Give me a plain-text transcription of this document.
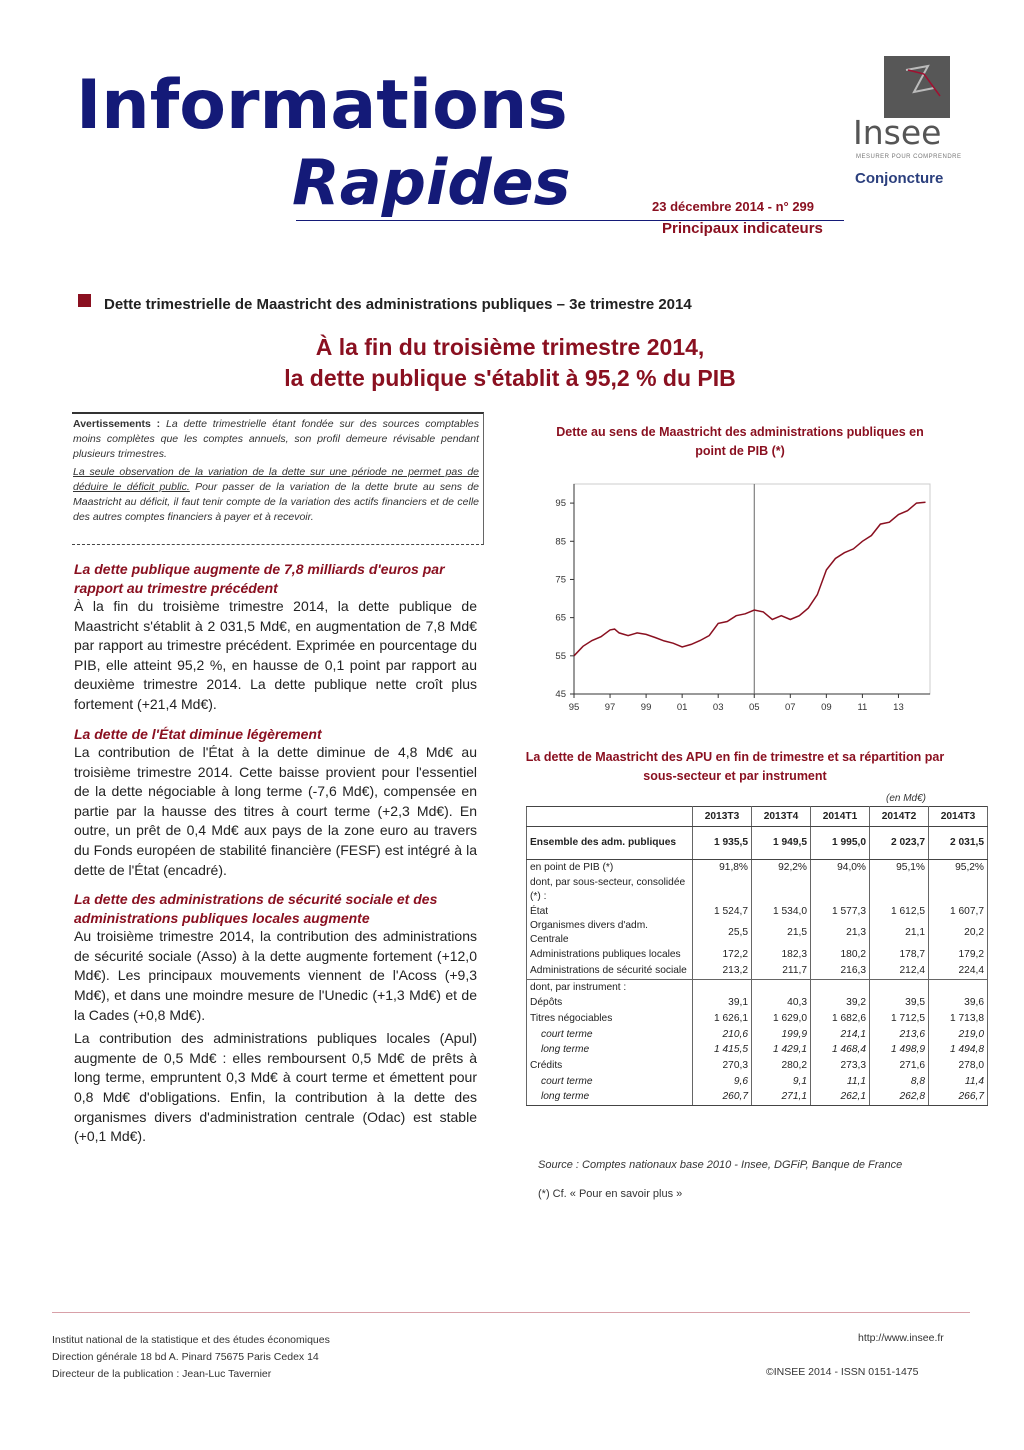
Informations
Rapides	23 décembre 2014 - n° 299
Principaux indicateurs
Insee
MESURER POUR COMPRENDRE
Conjoncture
Dette trimestrielle de Maastricht des administrations publiques – 3e trimestre 2014
À la fin du troisième trimestre 2014,
la dette publique s'établit à 95,2 % du PIB

Avertissements : La dette trimestrielle étant fondée sur des sources comptables moins complètes que les comptes annuels, son profil demeure révisable pendant plusieurs trimestres.

La seule observation de la variation de la dette sur une période ne permet pas de déduire le déficit public. Pour passer de la variation de la dette brute au sens de Maastricht au déficit, il faut tenir compte de la variation des actifs financiers et de celle des autres comptes financiers à payer et à recevoir.

La dette publique augmente de 7,8 milliards d'euros par rapport au trimestre précédent

À la fin du troisième trimestre 2014, la dette publique de Maastricht s'établit à 2 031,5 Md€, en augmentation de 7,8 Md€ par rapport au trimestre précédent. Exprimée en pourcentage du PIB, elle atteint 95,2 %, en hausse de 0,1 point par rapport au deuxième trimestre 2014. La dette publique nette croît plus fortement (+21,4 Md€).

La dette de l'État diminue légèrement

La contribution de l'État à la dette diminue de 4,8 Md€ au troisième trimestre 2014. Cette baisse provient pour l'essentiel de la dette négociable à long terme (-7,6 Md€), compensée en partie par la hausse des titres à court terme (+2,3 Md€). En outre, un prêt de 0,4 Md€ aux pays de la zone euro au travers du Fonds européen de stabilité financière (FESF) est intégré à la dette de l'État (encadré).

La dette des administrations de sécurité sociale et des administrations publiques locales augmente

Au troisième trimestre 2014, la contribution des administrations de sécurité sociale (Asso) à la dette augmente fortement (+12,0 Md€). Les principaux mouvements viennent de l'Acoss (+9,3 Md€), et dans une moindre mesure de l'Unedic (+1,3 Md€) et de la Cades (+0,8 Md€).

La contribution des administrations publiques locales (Apul) augmente de 0,5 Md€ : elles remboursent 0,5 Md€ de prêts à long terme, empruntent 0,3 Md€ à court terme et émettent pour 0,8 Md€ d'obligations. Enfin, la contribution à la dette des organismes divers d'administration centrale (Odac) est stable (+0,1 Md€).

Dette au sens de Maastricht des administrations publiques en point de PIB (*)
45
55
65
75
85
95
95	97	99	01	03	05	07	09	11	13
La dette de Maastricht des APU en fin de trimestre et sa répartition par sous-secteur et par instrument
(en Md€)
	2013T3	2013T4	2014T1	2014T2	2014T3
Ensemble des adm. publiques	1 935,5	1 949,5	1 995,0	2 023,7	2 031,5
en point de PIB (*)	91,8%	92,2%	94,0%	95,1%	95,2%
dont, par sous-secteur, consolidée (*) :					
État	1 524,7	1 534,0	1 577,3	1 612,5	1 607,7
Organismes divers d'adm. Centrale	25,5	21,5	21,3	21,1	20,2
Administrations publiques locales	172,2	182,3	180,2	178,7	179,2
Administrations de sécurité sociale	213,2	211,7	216,3	212,4	224,4
dont, par instrument :					
Dépôts	39,1	40,3	39,2	39,5	39,6
Titres négociables	1 626,1	1 629,0	1 682,6	1 712,5	1 713,8
court terme	210,6	199,9	214,1	213,6	219,0
long terme	1 415,5	1 429,1	1 468,4	1 498,9	1 494,8
Crédits	270,3	280,2	273,3	271,6	278,0
court terme	9,6	9,1	11,1	8,8	11,4
long terme	260,7	271,1	262,1	262,8	266,7
Source : Comptes nationaux base 2010 - Insee, DGFiP, Banque de France
(*) Cf. « Pour en savoir plus »
Institut national de la statistique et des études économiques
Direction générale 18 bd A. Pinard 75675 Paris Cedex 14
Directeur de la publication : Jean-Luc Tavernier
http://www.insee.fr
©INSEE 2014 - ISSN 0151-1475
